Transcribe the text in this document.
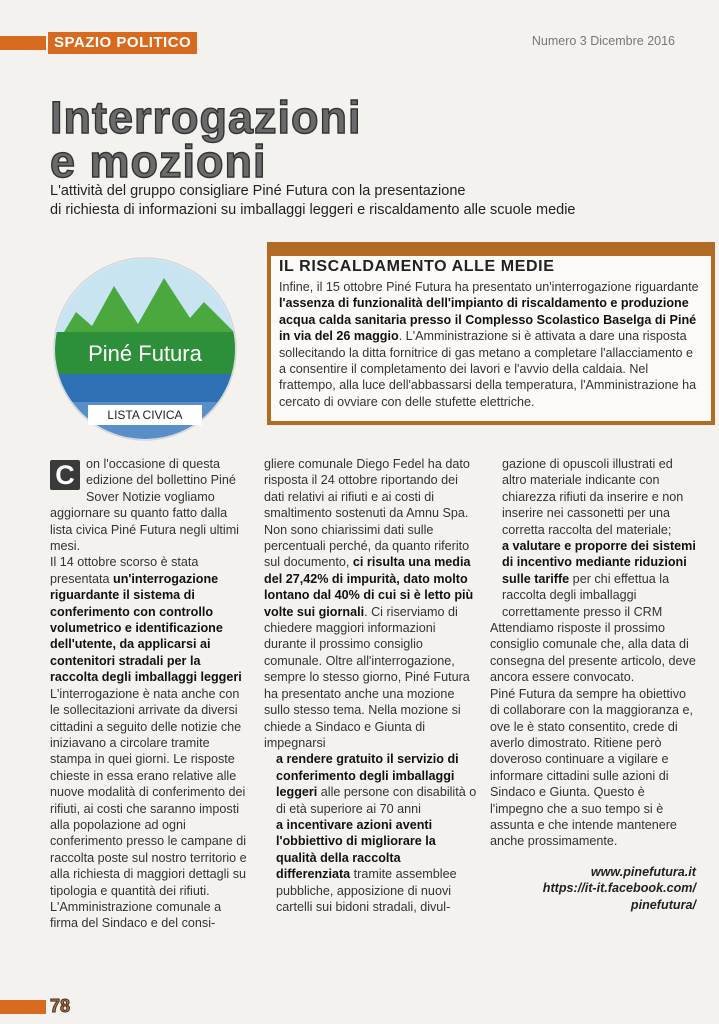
SPAZIO POLITICO	Numero 3 Dicembre 2016
Interrogazioni
e mozioni
L'attività del gruppo consigliare Piné Futura con la presentazione
di richiesta di informazioni su imballaggi leggeri e riscaldamento alle scuole medie
Piné Futura
LISTA CIVICA
IL RISCALDAMENTO ALLE MEDIE
Infine, il 15 ottobre Piné Futura ha presentato un'interrogazione riguardante l'assenza di funzionalità dell'impianto di riscaldamento e produzione acqua calda sanitaria presso il Complesso Scolastico Baselga di Piné in via del 26 maggio. L'Amministrazione si è attivata a dare una risposta sollecitando la ditta fornitrice di gas metano a completare l'allacciamento e a consentire il completamento dei lavori e l'avvio della caldaia. Nel frattempo, alla luce dell'abbassarsi della temperatura, l'Amministrazione ha cercato di ovviare con delle stufette elettriche.
C on l'occasione di questa edizione del bollettino Piné Sover Notizie vogliamo aggiornare su quanto fatto dalla lista civica Piné Futura negli ultimi mesi.

Il 14 ottobre scorso è stata presentata un'interrogazione riguardante il sistema di conferimento con controllo volumetrico e identificazione dell'utente, da applicarsi ai contenitori stradali per la raccolta degli imballaggi leggeri

L'interrogazione è nata anche con le sollecitazioni arrivate da diversi cittadini a seguito delle notizie che iniziavano a circolare tramite stampa in quei giorni. Le risposte chieste in essa erano relative alle nuove modalità di conferimento dei rifiuti, ai costi che saranno imposti alla popolazione ad ogni conferimento presso le campane di raccolta poste sul nostro territorio e alla richiesta di maggiori dettagli su tipologia e quantità dei rifiuti.

L'Amministrazione comunale a firma del Sindaco e del consi-

gliere comunale Diego Fedel ha dato risposta il 24 ottobre riportando dei dati relativi ai rifiuti e ai costi di smaltimento sostenuti da Amnu Spa. Non sono chiarissimi dati sulle percentuali perché, da quanto riferito sul documento, ci risulta una media del 27,42% di impurità, dato molto lontano dal 40% di cui si è letto più volte sui giornali. Ci riserviamo di chiedere maggiori informazioni durante il prossimo consiglio comunale. Oltre all'interrogazione, sempre lo stesso giorno, Piné Futura ha presentato anche una mozione sullo stesso tema. Nella mozione si chiede a Sindaco e Giunta di impegnarsi

a rendere gratuito il servizio di conferimento degli imballaggi leggeri alle persone con disabilità o di età superiore ai 70 anni

a incentivare azioni aventi l'obbiettivo di migliorare la qualità della raccolta differenziata tramite assemblee pubbliche, apposizione di nuovi cartelli sui bidoni stradali, divul-

gazione di opuscoli illustrati ed altro materiale indicante con chiarezza rifiuti da inserire e non inserire nei cassonetti per una corretta raccolta del materiale;

a valutare e proporre dei sistemi di incentivo mediante riduzioni sulle tariffe per chi effettua la raccolta degli imballaggi correttamente presso il CRM

Attendiamo risposte il prossimo consiglio comunale che, alla data di consegna del presente articolo, deve ancora essere convocato.

Piné Futura da sempre ha obiettivo di collaborare con la maggioranza e, ove le è stato consentito, crede di averlo dimostrato. Ritiene però doveroso continuare a vigilare e informare cittadini sulle azioni di Sindaco e Giunta. Questo è l'impegno che a suo tempo si è assunta e che intende mantenere anche prossimamente.

www.pinefutura.it

https://it-it.facebook.com/

pinefutura/

78
